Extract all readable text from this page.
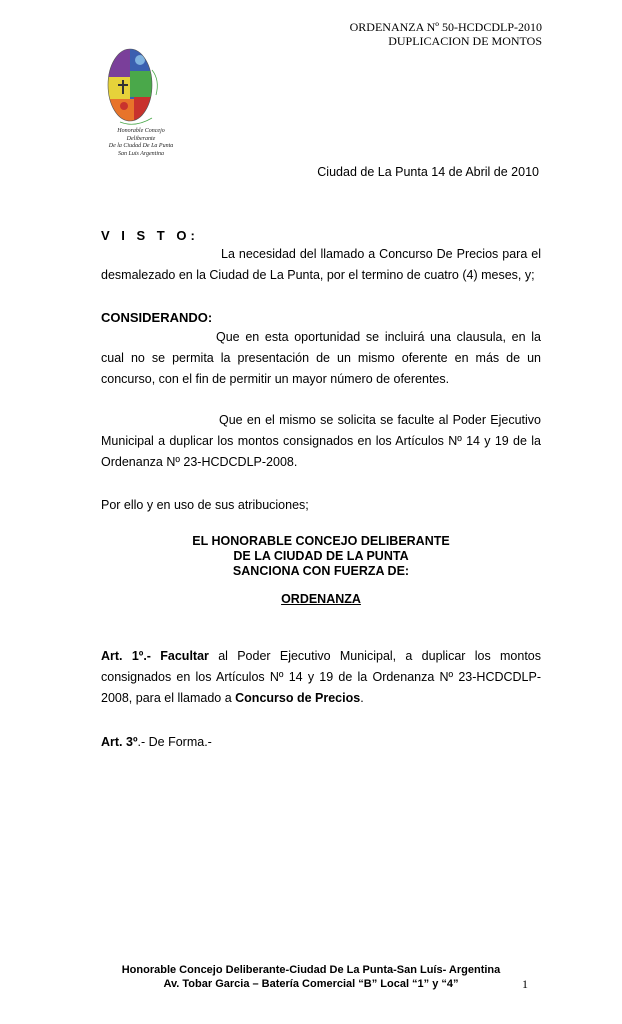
ORDENANZA Nº 50-HCDCDLP-2010
DUPLICACION DE MONTOS
Honorable Concejo Deliberante
De la Ciudad De La Punta
San Luis Argentina
Ciudad de La Punta 14 de Abril de 2010
V I S T O:

La necesidad del llamado a Concurso De Precios para el desmalezado en la Ciudad de La Punta, por el termino de cuatro (4) meses, y;

CONSIDERANDO:

Que en esta oportunidad se incluirá una clausula, en la cual no se permita la presentación de un mismo oferente en más de un concurso, con el fin de permitir un mayor número de oferentes.

Que en el mismo se solicita se faculte al Poder Ejecutivo Municipal a duplicar los montos consignados en los Artículos Nº 14 y 19 de la Ordenanza Nº 23-HCDCDLP-2008.

Por ello y en uso de sus atribuciones;
EL HONORABLE CONCEJO DELIBERANTE
DE LA CIUDAD DE LA PUNTA
SANCIONA CON FUERZA DE:
ORDENANZA

Art. 1º.- Facultar al Poder Ejecutivo Municipal, a duplicar los montos consignados en los Artículos Nº 14 y 19 de la Ordenanza Nº 23-HCDCDLP-2008, para el llamado a Concurso de Precios.

Art. 3º.- De Forma.-
Honorable Concejo Deliberante-Ciudad De La Punta-San Luís- Argentina
Av. Tobar Garcia – Batería Comercial “B” Local “1” y “4”	1
